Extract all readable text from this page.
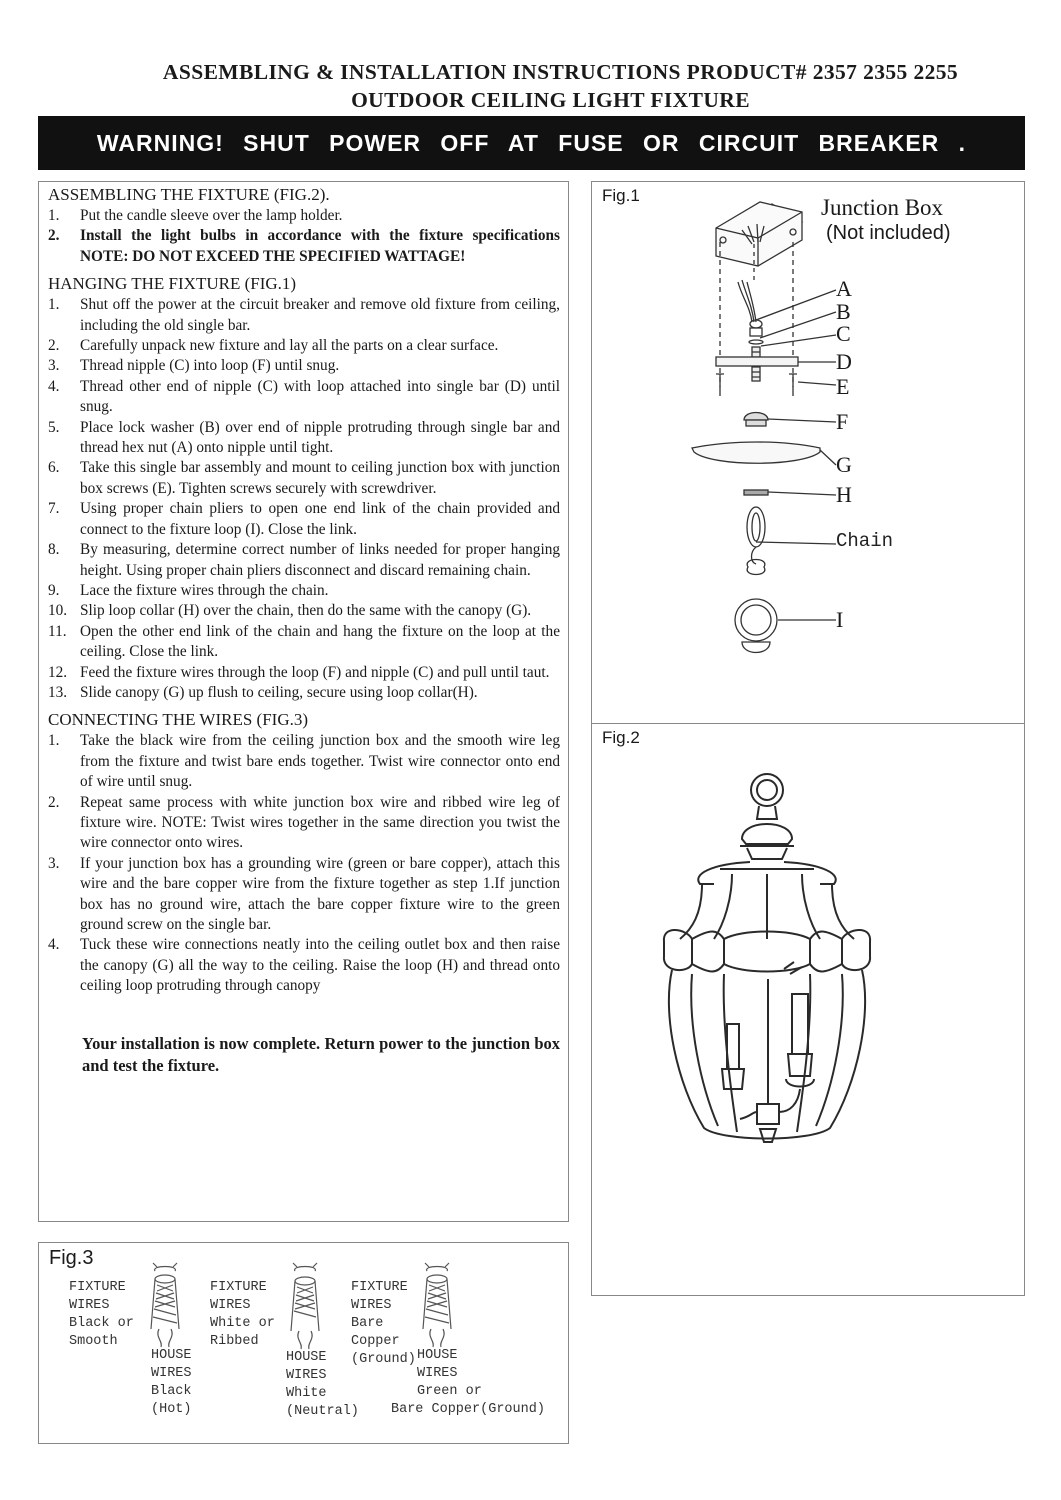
ASSEMBLING & INSTALLATION INSTRUCTIONS PRODUCT# 2357 2355 2255
OUTDOOR CEILING LIGHT FIXTURE
WARNING! SHUT POWER OFF AT FUSE OR CIRCUIT BREAKER .
ASSEMBLING THE FIXTURE (FIG.2).
1.	Put the candle sleeve over the lamp holder.
2.	Install the light bulbs in accordance with the fixture specifications NOTE: DO NOT EXCEED THE SPECIFIED WATTAGE!
HANGING THE FIXTURE (FIG.1)
1.	Shut off the power at the circuit breaker and remove old fixture from ceiling, including the old single bar.
2.	Carefully unpack new fixture and lay all the parts on a clear surface.
3.	Thread nipple (C) into loop (F) until snug.
4.	Thread other end of nipple (C) with loop attached into single bar (D) until snug.
5.	Place lock washer (B) over end of nipple protruding through single bar and thread hex nut (A) onto nipple until tight.
6.	Take this single bar assembly and mount to ceiling junction box with junction box screws (E). Tighten screws securely with screwdriver.
7.	Using proper chain pliers to open one end link of the chain provided and connect to the fixture loop (I). Close the link.
8.	By measuring, determine correct number of links needed for proper hanging height. Using proper chain pliers disconnect and discard remaining chain.
9.	Lace the fixture wires through the chain.
10. Slip loop collar (H) over the chain, then do the same with the canopy (G).
11. Open the other end link of the chain and hang the fixture on the loop at the ceiling. Close the link.
12. Feed the fixture wires through the loop (F) and nipple (C) and pull until taut.
13. Slide canopy (G) up flush to ceiling, secure using loop collar(H).
CONNECTING THE WIRES (FIG.3)
1.	Take the black wire from the ceiling junction box and the smooth wire leg from the fixture and twist bare ends together. Twist wire connector onto end of wire until snug.
2.	Repeat same process with white junction box wire and ribbed wire leg of fixture wire. NOTE: Twist wires together in the same direction you twist the wire connector onto wires.
3.	If your junction box has a grounding wire (green or bare copper), attach this wire and the bare copper wire from the fixture together as step 1.If junction box has no ground wire, attach the bare copper fixture wire to the green ground screw on the single bar.
4.	Tuck these wire connections neatly into the ceiling outlet box and then raise the canopy (G) all the way to the ceiling. Raise the loop (H) and thread onto ceiling loop protruding through canopy
Your installation is now complete. Return power to the junction box and test the fixture.
Fig.1	Junction Box
(Not included)
A
B
C
D
E
F
G
H
Chain
I
Fig.2
Fig.3
FIXTURE
WIRES
Black or
Smooth
HOUSE
WIRES
Black
(Hot)
FIXTURE
WIRES
White or
Ribbed
HOUSE
WIRES
White
(Neutral)
FIXTURE
WIRES
Bare
Copper
(Ground) HOUSE
WIRES
Green or
Bare Copper(Ground)
